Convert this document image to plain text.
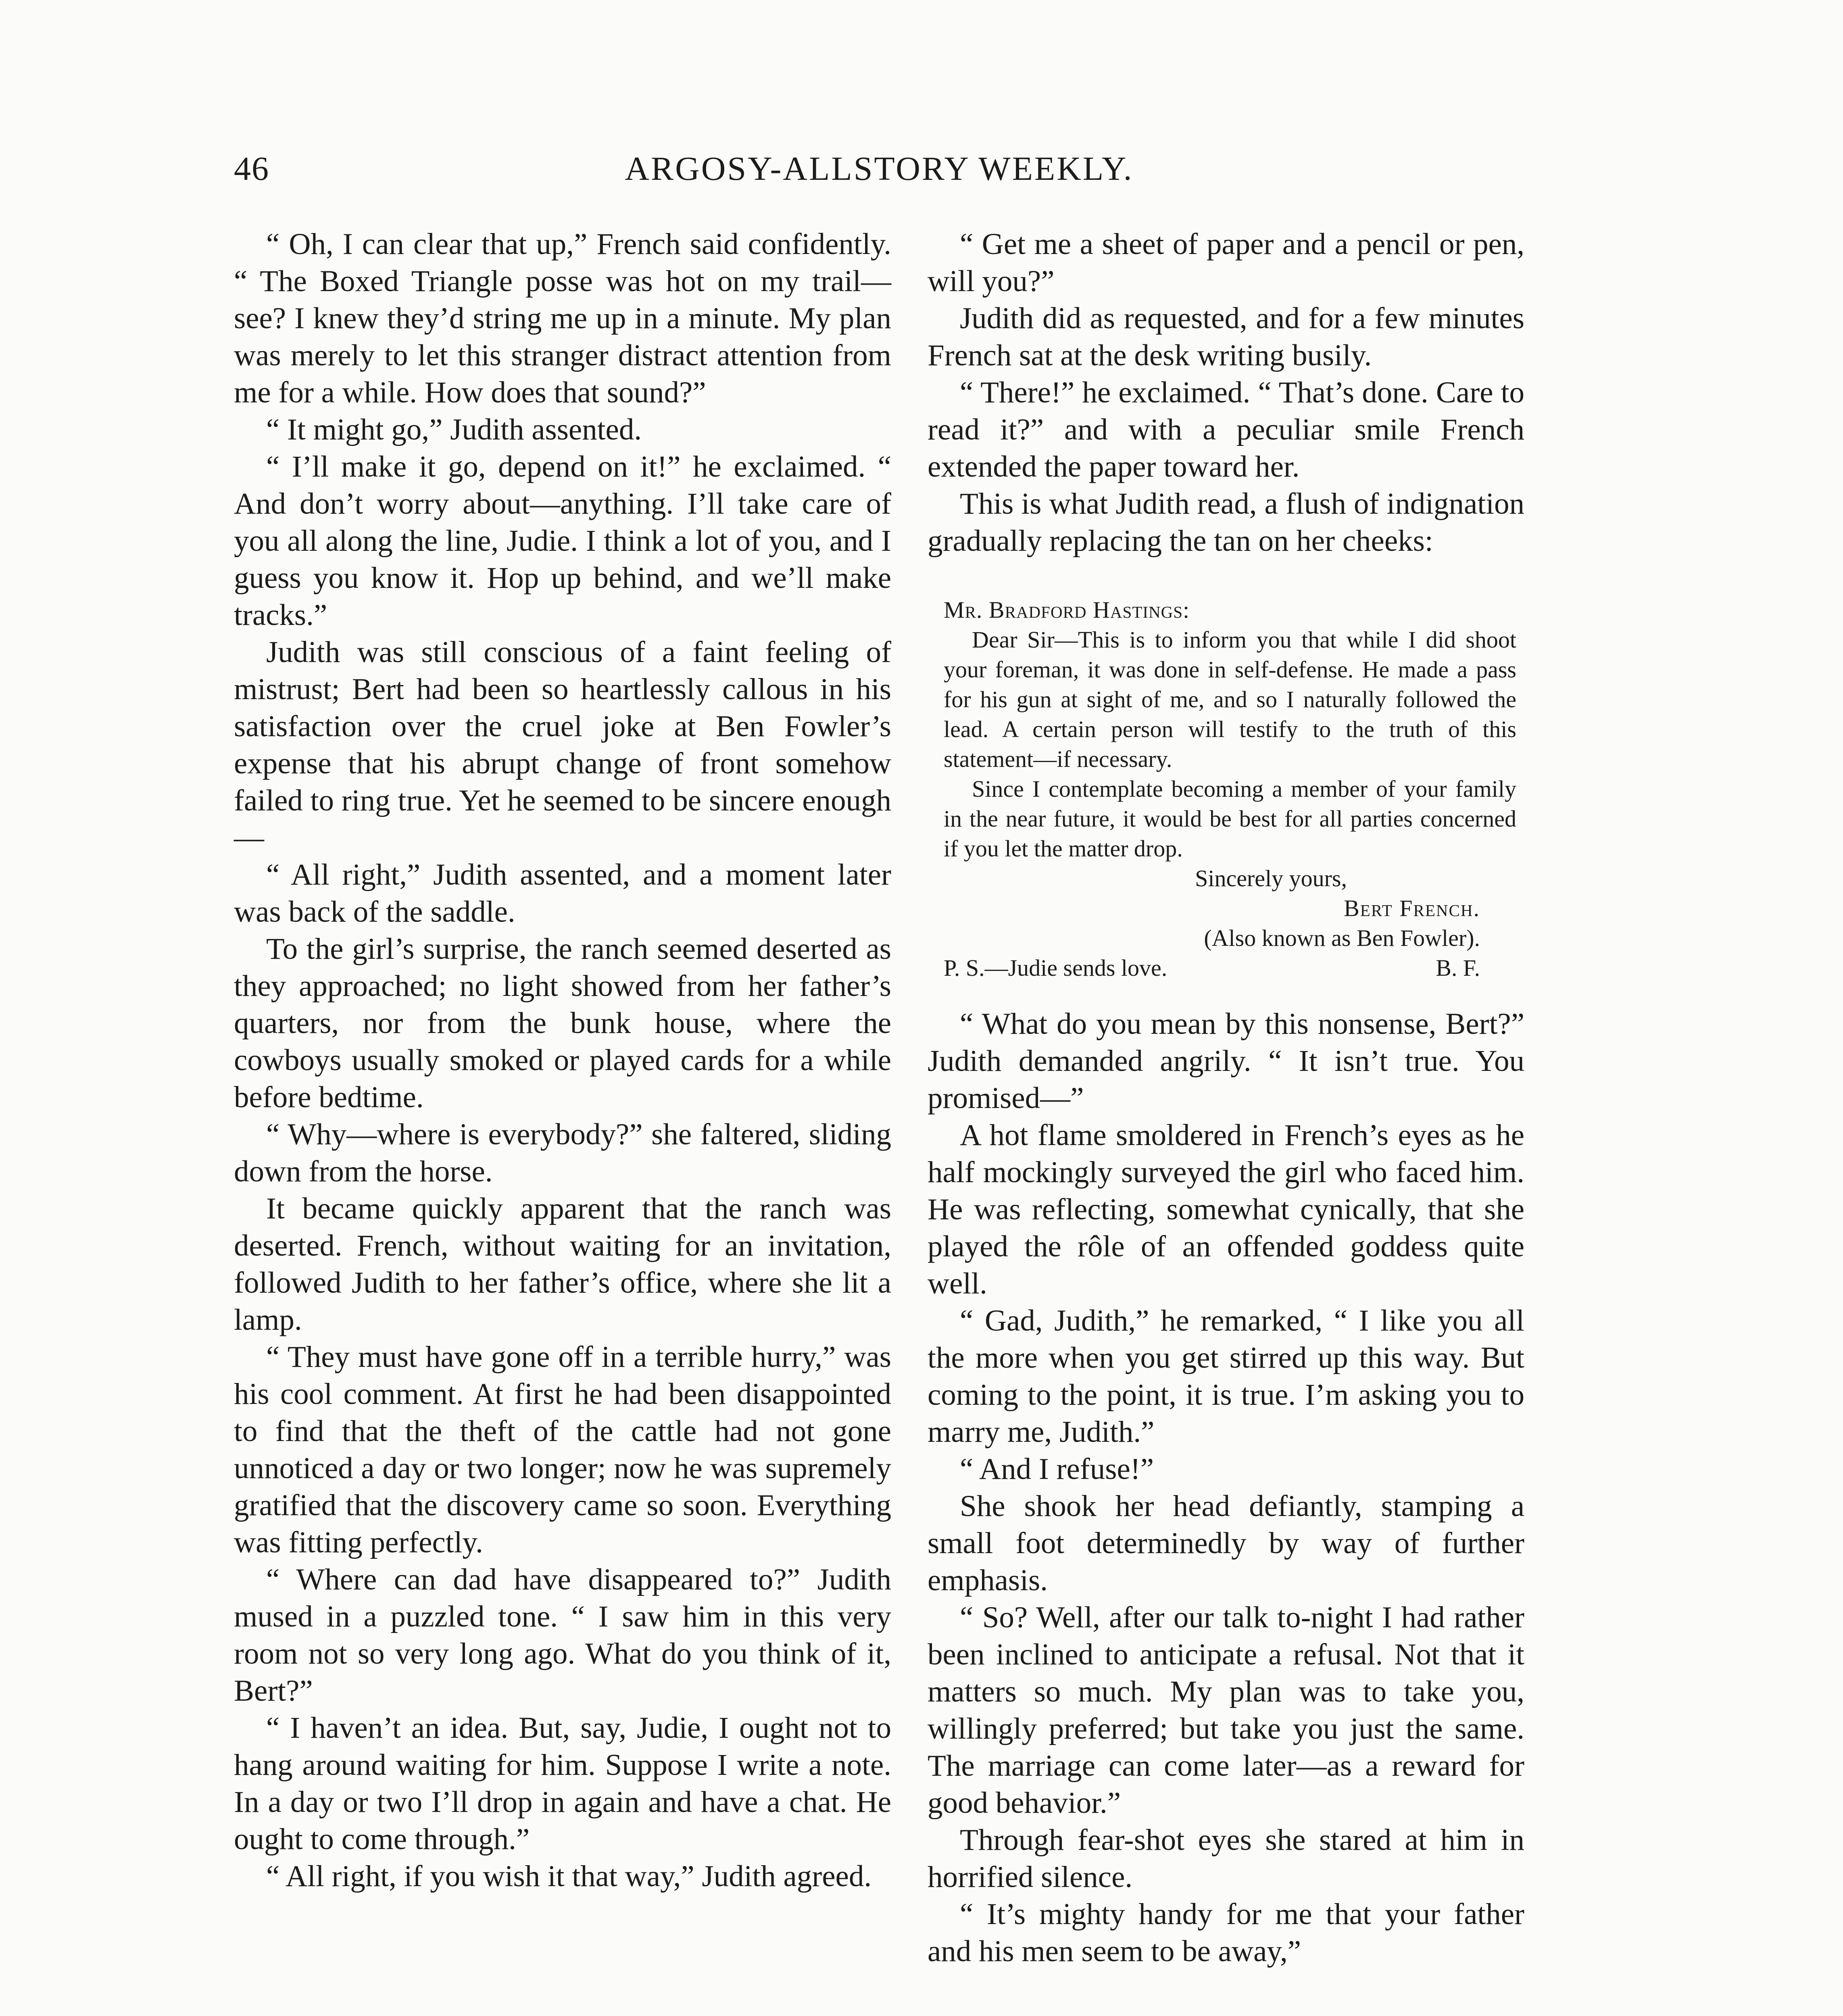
46	ARGOSY-ALLSTORY WEEKLY.

“ Oh, I can clear that up,” French said confidently. “ The Boxed Triangle posse was hot on my trail—see? I knew they’d string me up in a minute. My plan was merely to let this stranger distract attention from me for a while. How does that sound?”

“ It might go,” Judith assented.

“ I’ll make it go, depend on it!” he exclaimed. “ And don’t worry about—anything. I’ll take care of you all along the line, Judie. I think a lot of you, and I guess you know it. Hop up behind, and we’ll make tracks.”

Judith was still conscious of a faint feeling of mistrust; Bert had been so heartlessly callous in his satisfaction over the cruel joke at Ben Fowler’s expense that his abrupt change of front somehow failed to ring true. Yet he seemed to be sincere enough—

“ All right,” Judith assented, and a moment later was back of the saddle.

To the girl’s surprise, the ranch seemed deserted as they approached; no light showed from her father’s quarters, nor from the bunk house, where the cowboys usually smoked or played cards for a while before bedtime.

“ Why—where is everybody?” she faltered, sliding down from the horse.

It became quickly apparent that the ranch was deserted. French, without waiting for an invitation, followed Judith to her father’s office, where she lit a lamp.

“ They must have gone off in a terrible hurry,” was his cool comment. At first he had been disappointed to find that the theft of the cattle had not gone unnoticed a day or two longer; now he was supremely gratified that the discovery came so soon. Everything was fitting perfectly.

“ Where can dad have disappeared to?” Judith mused in a puzzled tone. “ I saw him in this very room not so very long ago. What do you think of it, Bert?”

“ I haven’t an idea. But, say, Judie, I ought not to hang around waiting for him. Suppose I write a note. In a day or two I’ll drop in again and have a chat. He ought to come through.”

“ All right, if you wish it that way,” Judith agreed.

“ Get me a sheet of paper and a pencil or pen, will you?”

Judith did as requested, and for a few minutes French sat at the desk writing busily.

“ There!” he exclaimed. “ That’s done. Care to read it?” and with a peculiar smile French extended the paper toward her.

This is what Judith read, a flush of indignation gradually replacing the tan on her cheeks:

Mr. Bradford Hastings:

Dear Sir—This is to inform you that while I did shoot your foreman, it was done in self-defense. He made a pass for his gun at sight of me, and so I naturally followed the lead. A certain person will testify to the truth of this statement—if necessary.

Since I contemplate becoming a member of your family in the near future, it would be best for all parties concerned if you let the matter drop.

Sincerely yours,

Bert French.

(Also known as Ben Fowler).

P. S.—Judie sends love.	B. F.

“ What do you mean by this nonsense, Bert?” Judith demanded angrily. “ It isn’t true. You promised—”

A hot flame smoldered in French’s eyes as he half mockingly surveyed the girl who faced him. He was reflecting, somewhat cynically, that she played the rôle of an offended goddess quite well.

“ Gad, Judith,” he remarked, “ I like you all the more when you get stirred up this way. But coming to the point, it is true. I’m asking you to marry me, Judith.”

“ And I refuse!”

She shook her head defiantly, stamping a small foot determinedly by way of further emphasis.

“ So? Well, after our talk to-night I had rather been inclined to anticipate a refusal. Not that it matters so much. My plan was to take you, willingly preferred; but take you just the same. The marriage can come later—as a reward for good behavior.”

Through fear-shot eyes she stared at him in horrified silence.

“ It’s mighty handy for me that your father and his men seem to be away,”
